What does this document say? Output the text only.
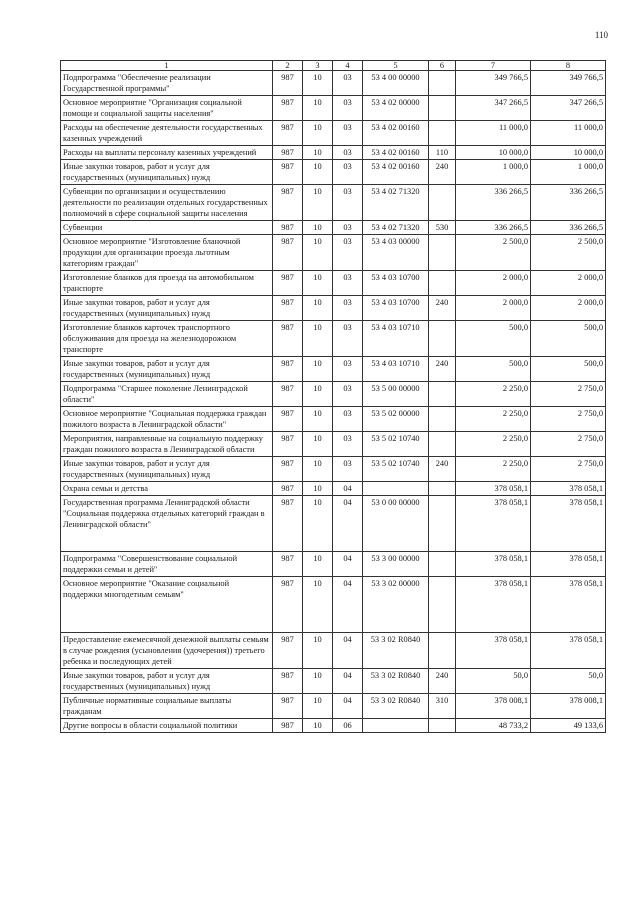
110
1	2	3	4	5	6	7	8
Подпрограмма "Обеспечение реализации Государственной программы"	987	10	03	53 4 00 00000		349 766,5	349 766,5
Основное мероприятие "Организация социальной помощи и социальной защиты населения"	987	10	03	53 4 02 00000		347 266,5	347 266,5
Расходы на обеспечение деятельности государственных казенных учреждений	987	10	03	53 4 02 00160		11 000,0	11 000,0
Расходы на выплаты персоналу казенных учреждений	987	10	03	53 4 02 00160	110	10 000,0	10 000,0
Иные закупки товаров, работ и услуг для государственных (муниципальных) нужд	987	10	03	53 4 02 00160	240	1 000,0	1 000,0
Субвенции по организации и осуществлению деятельности по реализации отдельных государственных полномочий в сфере социальной защиты населения	987	10	03	53 4 02 71320		336 266,5	336 266,5
Субвенции	987	10	03	53 4 02 71320	530	336 266,5	336 266,5
Основное мероприятие "Изготовление бланочной продукции для организации проезда льготным категориям граждан"	987	10	03	53 4 03 00000		2 500,0	2 500,0
Изготовление бланков для проезда на автомобильном транспорте	987	10	03	53 4 03 10700		2 000,0	2 000,0
Иные закупки товаров, работ и услуг для государственных (муниципальных) нужд	987	10	03	53 4 03 10700	240	2 000,0	2 000,0
Изготовление бланков карточек транспортного обслуживания для проезда на железнодорожном транспорте	987	10	03	53 4 03 10710		500,0	500,0
Иные закупки товаров, работ и услуг для государственных (муниципальных) нужд	987	10	03	53 4 03 10710	240	500,0	500,0
Подпрограмма "Старшее поколение Ленинградской области"	987	10	03	53 5 00 00000		2 250,0	2 750,0
Основное мероприятие "Социальная поддержка граждан пожилого возраста в Ленинградской области"	987	10	03	53 5 02 00000		2 250,0	2 750,0
Мероприятия, направленные на социальную поддержку граждан пожилого возраста в Ленинградской области	987	10	03	53 5 02 10740		2 250,0	2 750,0
Иные закупки товаров, работ и услуг для государственных (муниципальных) нужд	987	10	03	53 5 02 10740	240	2 250,0	2 750,0
Охрана семьи и детства	987	10	04			378 058,1	378 058,1
Государственная программа Ленинградской области "Социальная поддержка отдельных категорий граждан в Ленинградской области"	987	10	04	53 0 00 00000		378 058,1	378 058,1
Подпрограмма "Совершенствование социальной поддержки семьи и детей"	987	10	04	53 3 00 00000		378 058,1	378 058,1
Основное мероприятие "Оказание социальной поддержки многодетным семьям"	987	10	04	53 3 02 00000		378 058,1	378 058,1
Предоставление ежемесячной денежной выплаты семьям в случае рождения (усыновления (удочерения)) третьего ребенка и последующих детей	987	10	04	53 3 02 R0840		378 058,1	378 058,1
Иные закупки товаров, работ и услуг для государственных (муниципальных) нужд	987	10	04	53 3 02 R0840	240	50,0	50,0
Публичные нормативные социальные выплаты гражданам	987	10	04	53 3 02 R0840	310	378 008,1	378 008,1
Другие вопросы в области социальной политики	987	10	06			48 733,2	49 133,6
